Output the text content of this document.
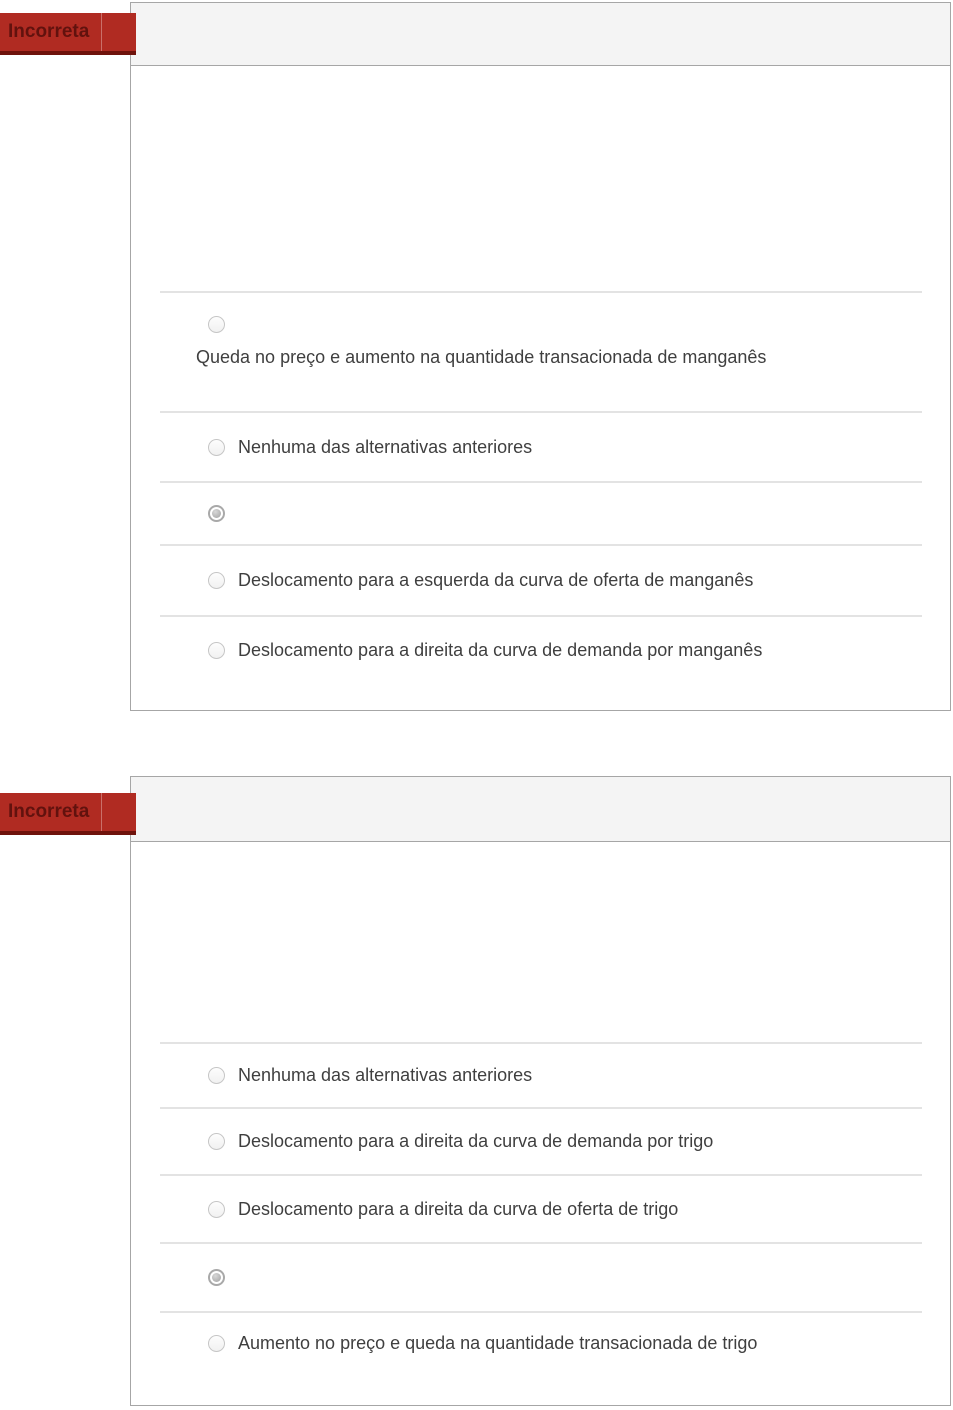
Queda no preço e aumento na quantidade transacionada de manganês
Nenhuma das alternativas anteriores
Deslocamento para a esquerda da curva de oferta de manganês
Deslocamento para a direita da curva de demanda por manganês
Incorreta
Nenhuma das alternativas anteriores
Deslocamento para a direita da curva de demanda por trigo
Deslocamento para a direita da curva de oferta de trigo
Aumento no preço e queda na quantidade transacionada de trigo
Incorreta
